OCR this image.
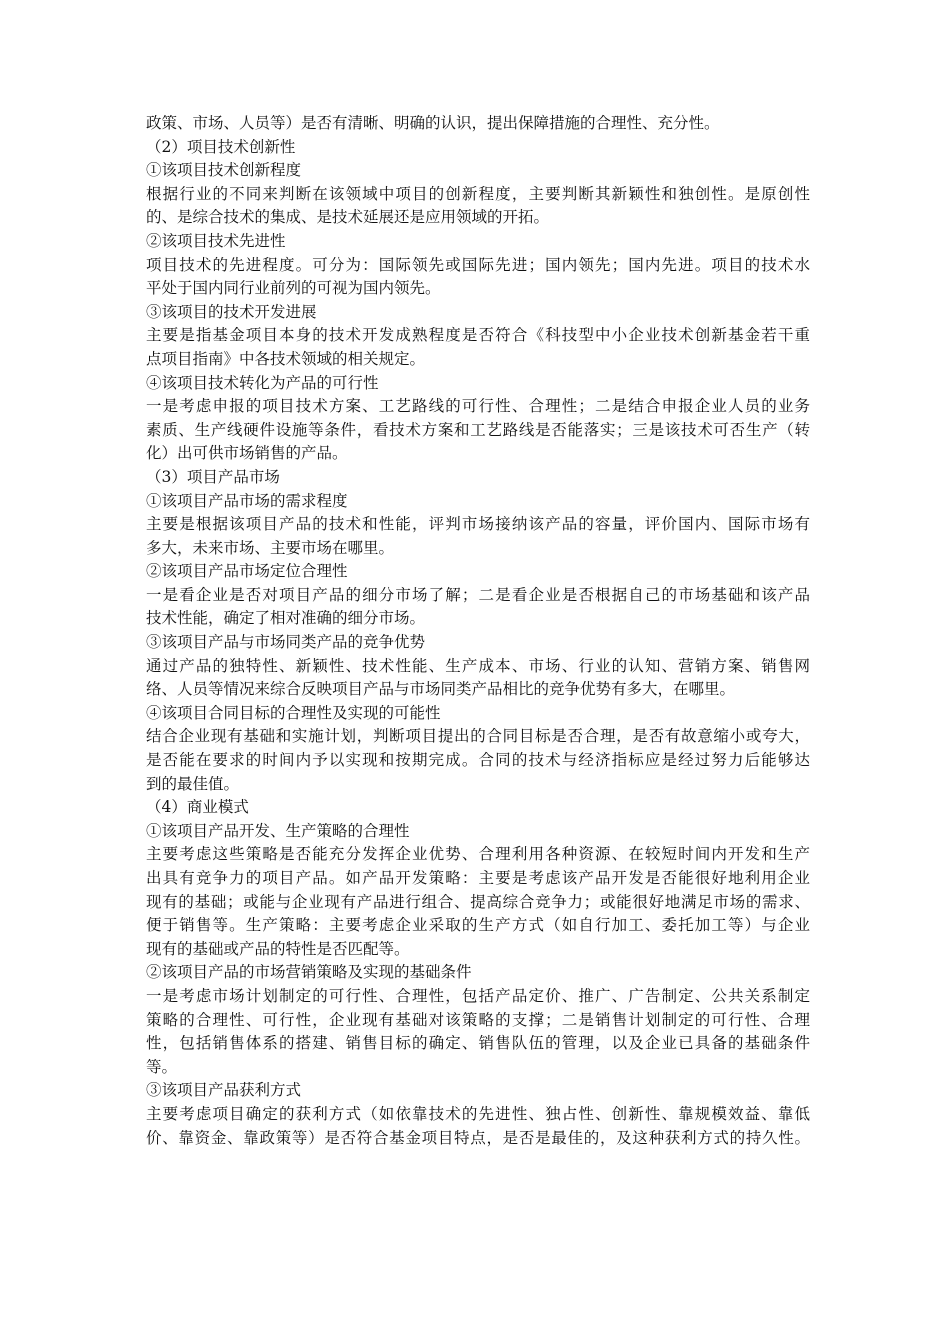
政策、市场、人员等）是否有清晰、明确的认识，提出保障措施的合理性、充分性。
（2）项目技术创新性
①该项目技术创新程度
根据行业的不同来判断在该领域中项目的创新程度，主要判断其新颖性和独创性。是原创性
的、是综合技术的集成、是技术延展还是应用领域的开拓。
②该项目技术先进性
项目技术的先进程度。可分为：国际领先或国际先进；国内领先；国内先进。项目的技术水
平处于国内同行业前列的可视为国内领先。
③该项目的技术开发进展
主要是指基金项目本身的技术开发成熟程度是否符合《科技型中小企业技术创新基金若干重
点项目指南》中各技术领域的相关规定。
④该项目技术转化为产品的可行性
一是考虑申报的项目技术方案、工艺路线的可行性、合理性；二是结合申报企业人员的业务
素质、生产线硬件设施等条件，看技术方案和工艺路线是否能落实；三是该技术可否生产（转
化）出可供市场销售的产品。
（3）项目产品市场
①该项目产品市场的需求程度
主要是根据该项目产品的技术和性能，评判市场接纳该产品的容量，评价国内、国际市场有
多大，未来市场、主要市场在哪里。
②该项目产品市场定位合理性
一是看企业是否对项目产品的细分市场了解；二是看企业是否根据自己的市场基础和该产品
技术性能，确定了相对准确的细分市场。
③该项目产品与市场同类产品的竞争优势
通过产品的独特性、新颖性、技术性能、生产成本、市场、行业的认知、营销方案、销售网
络、人员等情况来综合反映项目产品与市场同类产品相比的竞争优势有多大，在哪里。
④该项目合同目标的合理性及实现的可能性
结合企业现有基础和实施计划，判断项目提出的合同目标是否合理，是否有故意缩小或夸大，
是否能在要求的时间内予以实现和按期完成。合同的技术与经济指标应是经过努力后能够达
到的最佳值。
（4）商业模式
①该项目产品开发、生产策略的合理性
主要考虑这些策略是否能充分发挥企业优势、合理利用各种资源、在较短时间内开发和生产
出具有竞争力的项目产品。如产品开发策略：主要是考虑该产品开发是否能很好地利用企业
现有的基础；或能与企业现有产品进行组合、提高综合竞争力；或能很好地满足市场的需求、
便于销售等。生产策略：主要考虑企业采取的生产方式（如自行加工、委托加工等）与企业
现有的基础或产品的特性是否匹配等。
②该项目产品的市场营销策略及实现的基础条件
一是考虑市场计划制定的可行性、合理性，包括产品定价、推广、广告制定、公共关系制定
策略的合理性、可行性，企业现有基础对该策略的支撑；二是销售计划制定的可行性、合理
性，包括销售体系的搭建、销售目标的确定、销售队伍的管理，以及企业已具备的基础条件
等。
③该项目产品获利方式
主要考虑项目确定的获利方式（如依靠技术的先进性、独占性、创新性、靠规模效益、靠低
价、靠资金、靠政策等）是否符合基金项目特点，是否是最佳的，及这种获利方式的持久性。
